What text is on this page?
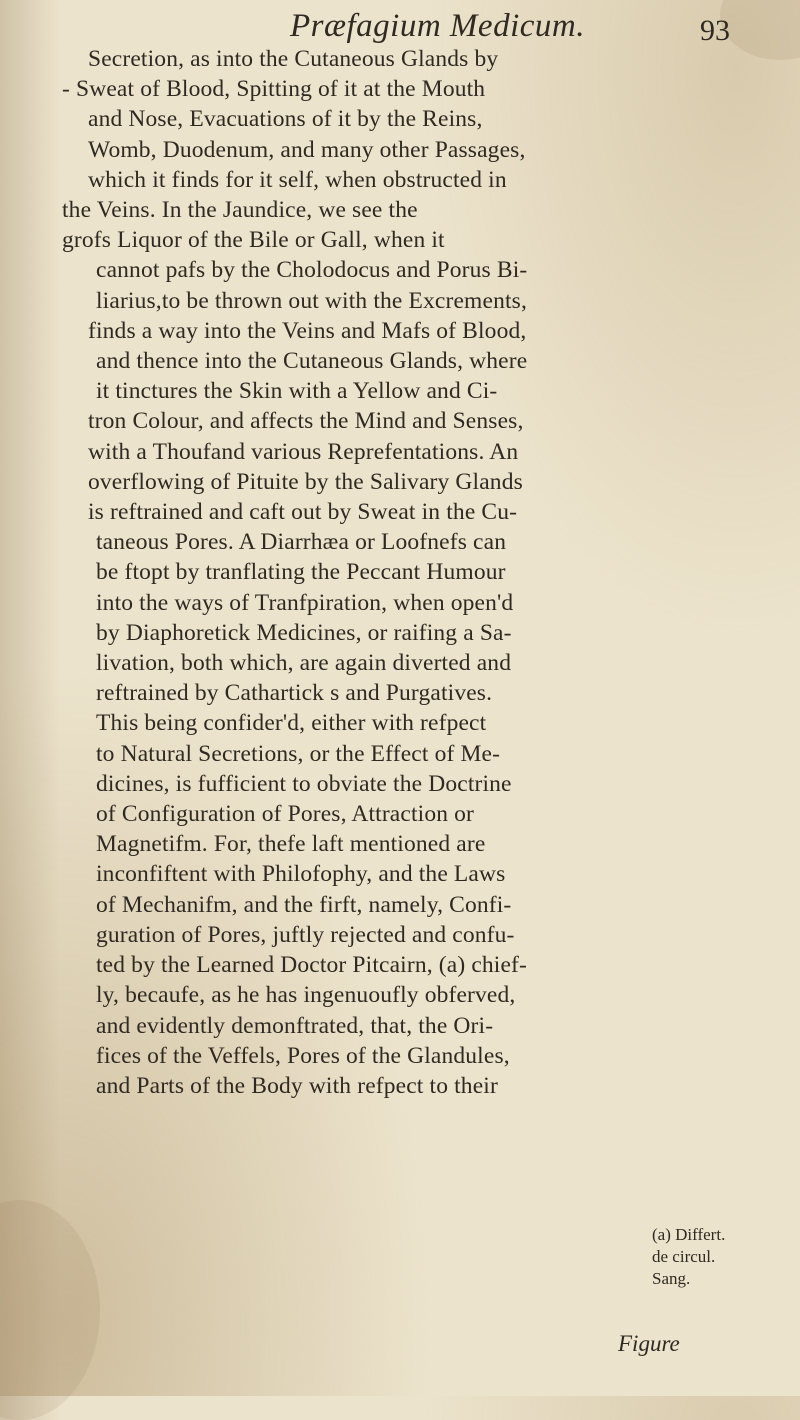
Præfagium Medicum.	93
Secretion, as into the Cutaneous Glands by
- Sweat of Blood, Spitting of it at the Mouth
and Nose, Evacuations of it by the Reins,
Womb, Duodenum, and many other Passages,
which it finds for it self, when obstructed in
the Veins. In the Jaundice, we see the
grofs Liquor of the Bile or Gall, when it
cannot pafs by the Cholodocus and Porus Bi-
liarius,to be thrown out with the Excrements,
finds a way into the Veins and Mafs of Blood,
and thence into the Cutaneous Glands, where
it tinctures the Skin with a Yellow and Ci-
tron Colour, and affects the Mind and Senses,
with a Thoufand various Reprefentations. An
overflowing of Pituite by the Salivary Glands
is reftrained and caft out by Sweat in the Cu-
taneous Pores. A Diarrhæa or Loofnefs can
be ftopt by tranflating the Peccant Humour
into the ways of Tranfpiration, when open'd
by Diaphoretick Medicines, or raifing a Sa-
livation, both which, are again diverted and
reftrained by Cathartick s and Purgatives.
This being confider'd, either with refpect
to Natural Secretions, or the Effect of Me-
dicines, is fufficient to obviate the Doctrine
of Configuration of Pores, Attraction or
Magnetifm. For, thefe laft mentioned are
inconfiftent with Philofophy, and the Laws
of Mechanifm, and the firft, namely, Confi-
guration of Pores, juftly rejected and confu-
ted by the Learned Doctor Pitcairn, (a) chief-
ly, becaufe, as he has ingenuoufly obferved,
and evidently demonftrated, that, the Ori-
fices of the Veffels, Pores of the Glandules,
and Parts of the Body with refpect to their
(a) Differt.
de circul.
Sang.
Figure
